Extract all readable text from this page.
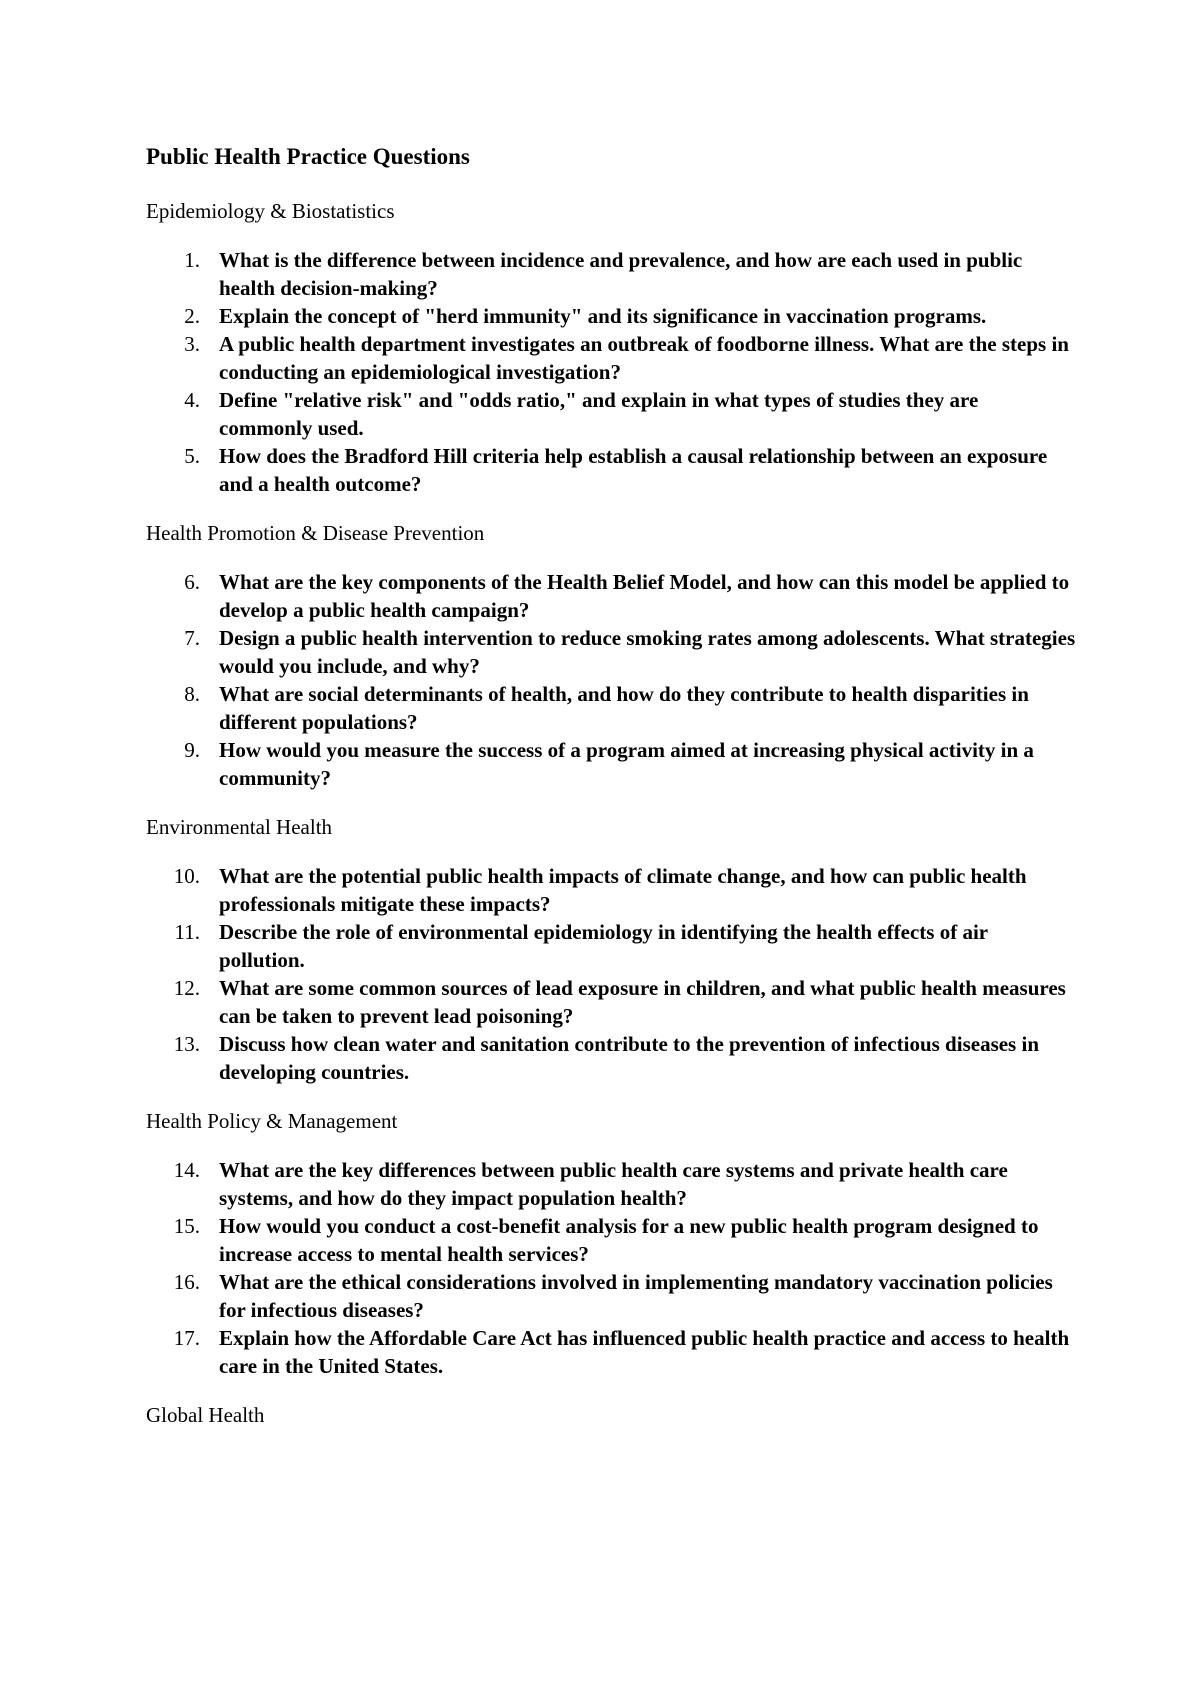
Public Health Practice Questions
Epidemiology & Biostatistics
1. What is the difference between incidence and prevalence, and how are each used in public health decision-making?
2. Explain the concept of "herd immunity" and its significance in vaccination programs.
3. A public health department investigates an outbreak of foodborne illness. What are the steps in conducting an epidemiological investigation?
4. Define "relative risk" and "odds ratio," and explain in what types of studies they are commonly used.
5. How does the Bradford Hill criteria help establish a causal relationship between an exposure and a health outcome?
Health Promotion & Disease Prevention
6. What are the key components of the Health Belief Model, and how can this model be applied to develop a public health campaign?
7. Design a public health intervention to reduce smoking rates among adolescents. What strategies would you include, and why?
8. What are social determinants of health, and how do they contribute to health disparities in different populations?
9. How would you measure the success of a program aimed at increasing physical activity in a community?
Environmental Health
10. What are the potential public health impacts of climate change, and how can public health professionals mitigate these impacts?
11. Describe the role of environmental epidemiology in identifying the health effects of air pollution.
12. What are some common sources of lead exposure in children, and what public health measures can be taken to prevent lead poisoning?
13. Discuss how clean water and sanitation contribute to the prevention of infectious diseases in developing countries.
Health Policy & Management
14. What are the key differences between public health care systems and private health care systems, and how do they impact population health?
15. How would you conduct a cost-benefit analysis for a new public health program designed to increase access to mental health services?
16. What are the ethical considerations involved in implementing mandatory vaccination policies for infectious diseases?
17. Explain how the Affordable Care Act has influenced public health practice and access to health care in the United States.
Global Health
